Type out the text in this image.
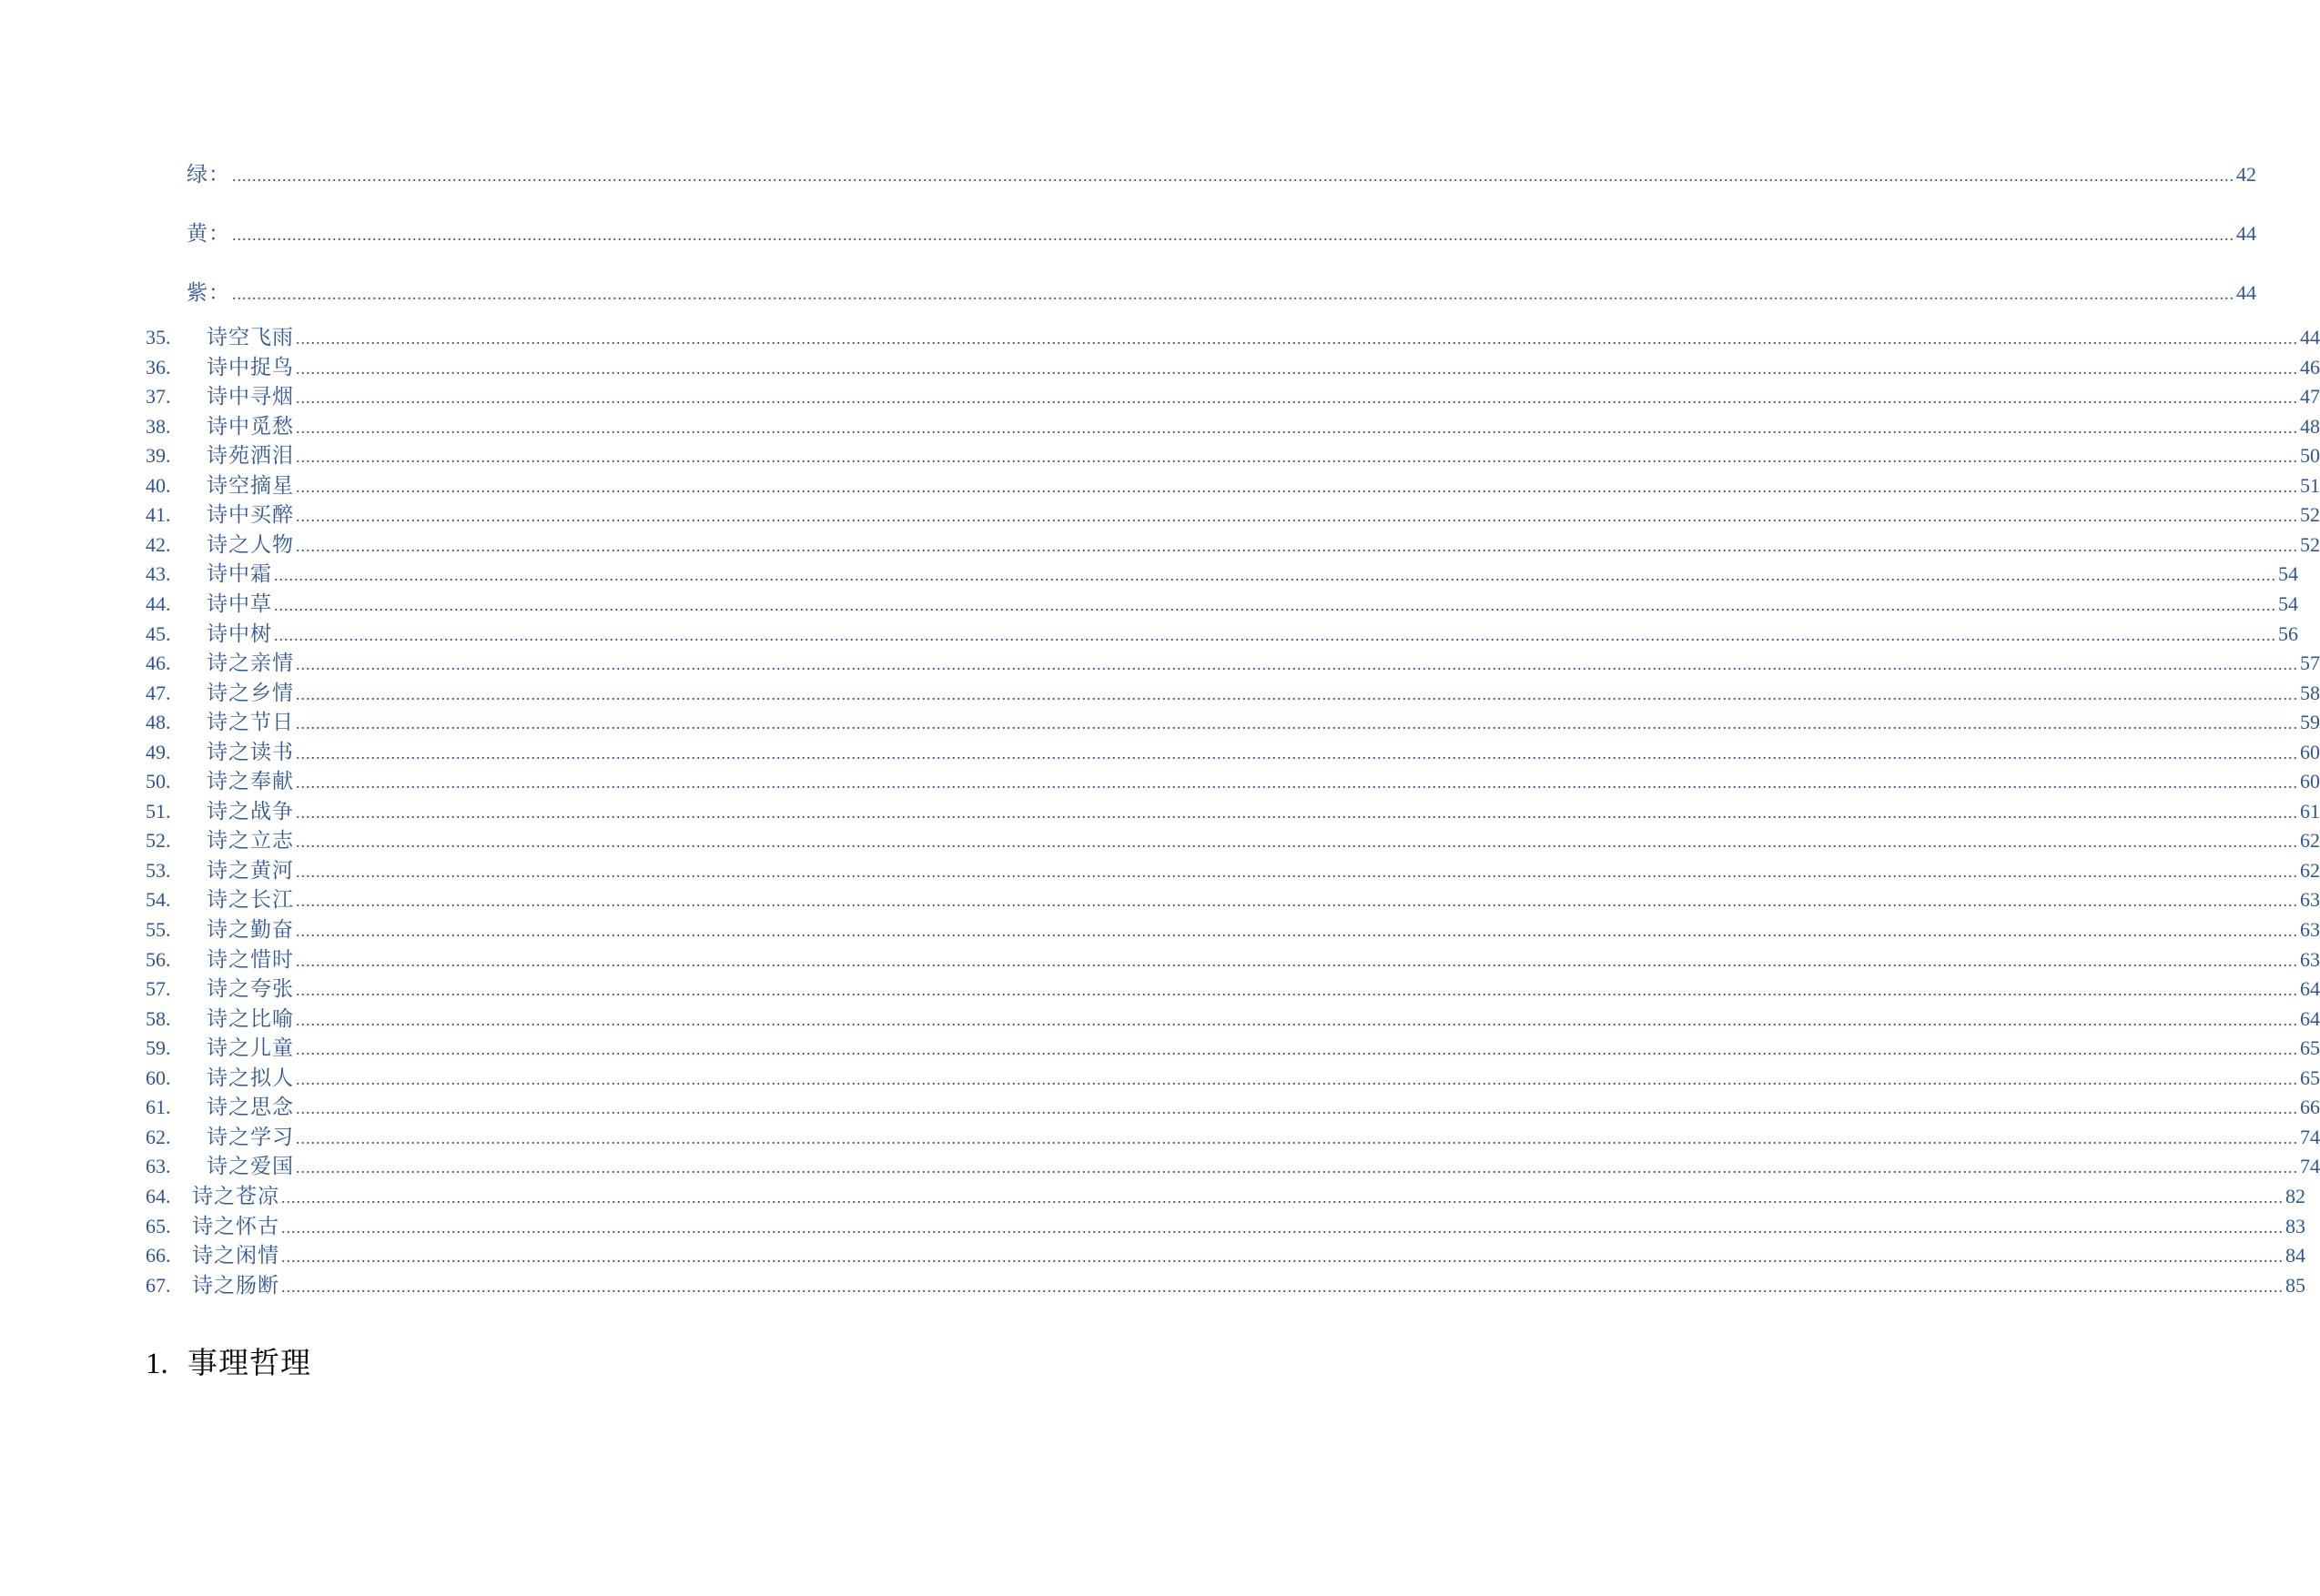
绿： ................................................................................................................................................................................................................................................................................................................................................................................................................ 42
黄： ................................................................................................................................................................................................................................................................................................................................................................................................................ 44
紫： ................................................................................................................................................................................................................................................................................................................................................................................................................ 44
35.	诗空飞雨 ................................................................................................................................................................................................................................................................................................................................................................................................................ 44
36.	诗中捉鸟 ................................................................................................................................................................................................................................................................................................................................................................................................................ 46
37.	诗中寻烟 ................................................................................................................................................................................................................................................................................................................................................................................................................ 47
38.	诗中觅愁 ................................................................................................................................................................................................................................................................................................................................................................................................................ 48
39.	诗苑洒泪 ................................................................................................................................................................................................................................................................................................................................................................................................................ 50
40.	诗空摘星 ................................................................................................................................................................................................................................................................................................................................................................................................................ 51
41.	诗中买醉 ................................................................................................................................................................................................................................................................................................................................................................................................................ 52
42.	诗之人物 ................................................................................................................................................................................................................................................................................................................................................................................................................ 52
43.	诗中霜 ................................................................................................................................................................................................................................................................................................................................................................................................................ 54
44.	诗中草 ................................................................................................................................................................................................................................................................................................................................................................................................................ 54
45.	诗中树 ................................................................................................................................................................................................................................................................................................................................................................................................................ 56
46.	诗之亲情 ................................................................................................................................................................................................................................................................................................................................................................................................................ 57
47.	诗之乡情 ................................................................................................................................................................................................................................................................................................................................................................................................................ 58
48.	诗之节日 ................................................................................................................................................................................................................................................................................................................................................................................................................ 59
49.	诗之读书 ................................................................................................................................................................................................................................................................................................................................................................................................................ 60
50.	诗之奉献 ................................................................................................................................................................................................................................................................................................................................................................................................................ 60
51.	诗之战争 ................................................................................................................................................................................................................................................................................................................................................................................................................ 61
52.	诗之立志 ................................................................................................................................................................................................................................................................................................................................................................................................................ 62
53.	诗之黄河 ................................................................................................................................................................................................................................................................................................................................................................................................................ 62
54.	诗之长江 ................................................................................................................................................................................................................................................................................................................................................................................................................ 63
55.	诗之勤奋 ................................................................................................................................................................................................................................................................................................................................................................................................................ 63
56.	诗之惜时 ................................................................................................................................................................................................................................................................................................................................................................................................................ 63
57.	诗之夸张 ................................................................................................................................................................................................................................................................................................................................................................................................................ 64
58.	诗之比喻 ................................................................................................................................................................................................................................................................................................................................................................................................................ 64
59.	诗之儿童 ................................................................................................................................................................................................................................................................................................................................................................................................................ 65
60.	诗之拟人 ................................................................................................................................................................................................................................................................................................................................................................................................................ 65
61.	诗之思念 ................................................................................................................................................................................................................................................................................................................................................................................................................ 66
62.	诗之学习 ................................................................................................................................................................................................................................................................................................................................................................................................................ 74
63.	诗之爱国 ................................................................................................................................................................................................................................................................................................................................................................................................................ 74
64.	诗之苍凉 ................................................................................................................................................................................................................................................................................................................................................................................................................ 82
65.	诗之怀古 ................................................................................................................................................................................................................................................................................................................................................................................................................ 83
66.	诗之闲情 ................................................................................................................................................................................................................................................................................................................................................................................................................ 84
67.	诗之肠断 ................................................................................................................................................................................................................................................................................................................................................................................................................ 85
1. 事理哲理
